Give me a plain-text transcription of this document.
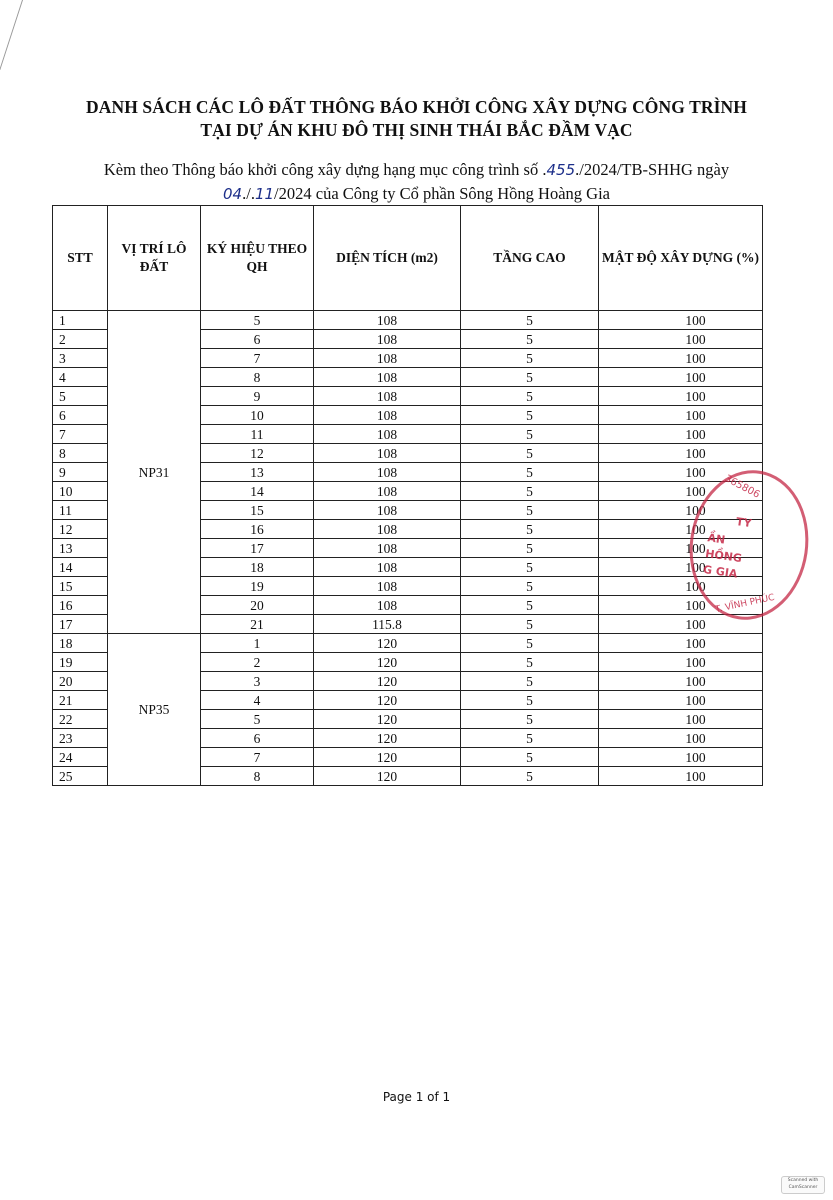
DANH SÁCH CÁC LÔ ĐẤT THÔNG BÁO KHỞI CÔNG XÂY DỰNG CÔNG TRÌNH
TẠI DỰ ÁN KHU ĐÔ THỊ SINH THÁI BẮC ĐẦM VẠC
Kèm theo Thông báo khởi công xây dựng hạng mục công trình số .455./2024/TB-SHHG ngày
04./.11/2024 của Công ty Cổ phần Sông Hồng Hoàng Gia
STT	VỊ TRÍ LÔ ĐẤT	KÝ HIỆU THEO QH	DIỆN TÍCH (m2)	TẦNG CAO	MẬT ĐỘ XÂY DỰNG (%)
1	NP31	5	108	5	100
2		6	108	5	100
3		7	108	5	100
4		8	108	5	100
5		9	108	5	100
6		10	108	5	100
7		11	108	5	100
8		12	108	5	100
9		13	108	5	100
10		14	108	5	100
11		15	108	5	100
12		16	108	5	100
13		17	108	5	100
14		18	108	5	100
15		19	108	5	100
16		20	108	5	100
17		21	115.8	5	100
18	NP35	1	120	5	100
19		2	120	5	100
20		3	120	5	100
21		4	120	5	100
22		5	120	5	100
23		6	120	5	100
24		7	120	5	100
25		8	120	5	100
365806
TY
ẦN
HỒNG
G GIA
T. VĨNH PHÚC
Page 1 of 1
Scanned with CamScanner
